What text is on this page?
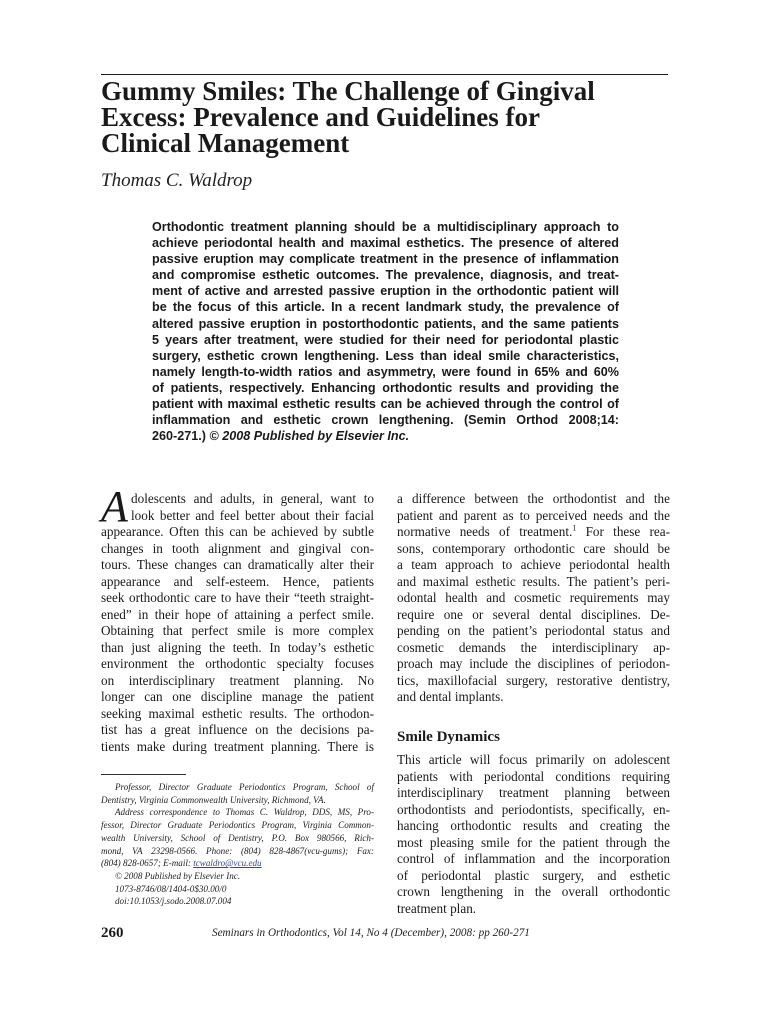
Gummy Smiles: The Challenge of Gingival
Excess: Prevalence and Guidelines for
Clinical Management
Thomas C. Waldrop
Orthodontic treatment planning should be a multidisciplinary approach to
achieve periodontal health and maximal esthetics. The presence of altered
passive eruption may complicate treatment in the presence of inflammation
and compromise esthetic outcomes. The prevalence, diagnosis, and treat-
ment of active and arrested passive eruption in the orthodontic patient will
be the focus of this article. In a recent landmark study, the prevalence of
altered passive eruption in postorthodontic patients, and the same patients
5 years after treatment, were studied for their need for periodontal plastic
surgery, esthetic crown lengthening. Less than ideal smile characteristics,
namely length-to-width ratios and asymmetry, were found in 65% and 60%
of patients, respectively. Enhancing orthodontic results and providing the
patient with maximal esthetic results can be achieved through the control of
inflammation and esthetic crown lengthening. (Semin Orthod 2008;14:
260-271.) © 2008 Published by Elsevier Inc.
A dolescents and adults, in general, want to
look better and feel better about their facial
appearance. Often this can be achieved by subtle
changes in tooth alignment and gingival con-
tours. These changes can dramatically alter their
appearance and self-esteem. Hence, patients
seek orthodontic care to have their “teeth straight-
ened” in their hope of attaining a perfect smile.
Obtaining that perfect smile is more complex
than just aligning the teeth. In today’s esthetic
environment the orthodontic specialty focuses
on interdisciplinary treatment planning. No
longer can one discipline manage the patient
seeking maximal esthetic results. The orthodon-
tist has a great influence on the decisions pa-
tients make during treatment planning. There is
a difference between the orthodontist and the
patient and parent as to perceived needs and the
normative needs of treatment.$^1$ For these rea-
sons, contemporary orthodontic care should be
a team approach to achieve periodontal health
and maximal esthetic results. The patient’s peri-
odontal health and cosmetic requirements may
require one or several dental disciplines. De-
pending on the patient’s periodontal status and
cosmetic demands the interdisciplinary ap-
proach may include the disciplines of periodon-
tics, maxillofacial surgery, restorative dentistry,
and dental implants.
Smile Dynamics
This article will focus primarily on adolescent
patients with periodontal conditions requiring
interdisciplinary treatment planning between
orthodontists and periodontists, specifically, en-
hancing orthodontic results and creating the
most pleasing smile for the patient through the
control of inflammation and the incorporation
of periodontal plastic surgery, and esthetic
crown lengthening in the overall orthodontic
treatment plan.
Professor, Director Graduate Periodontics Program, School of
Dentistry, Virginia Commonwealth University, Richmond, VA.
Address correspondence to Thomas C. Waldrop, DDS, MS, Pro-
fessor, Director Graduate Periodontics Program, Virginia Common-
wealth University, School of Dentistry, P.O. Box 980566, Rich-
mond, VA 23298-0566. Phone: (804) 828-4867(vcu-gums); Fax:
(804) 828-0657; E-mail: tcwaldro@vcu.edu
© 2008 Published by Elsevier Inc.
1073-8746/08/1404-0$30.00/0
doi:10.1053/j.sodo.2008.07.004
260	Seminars in Orthodontics, Vol 14, No 4 (December), 2008: pp 260-271
